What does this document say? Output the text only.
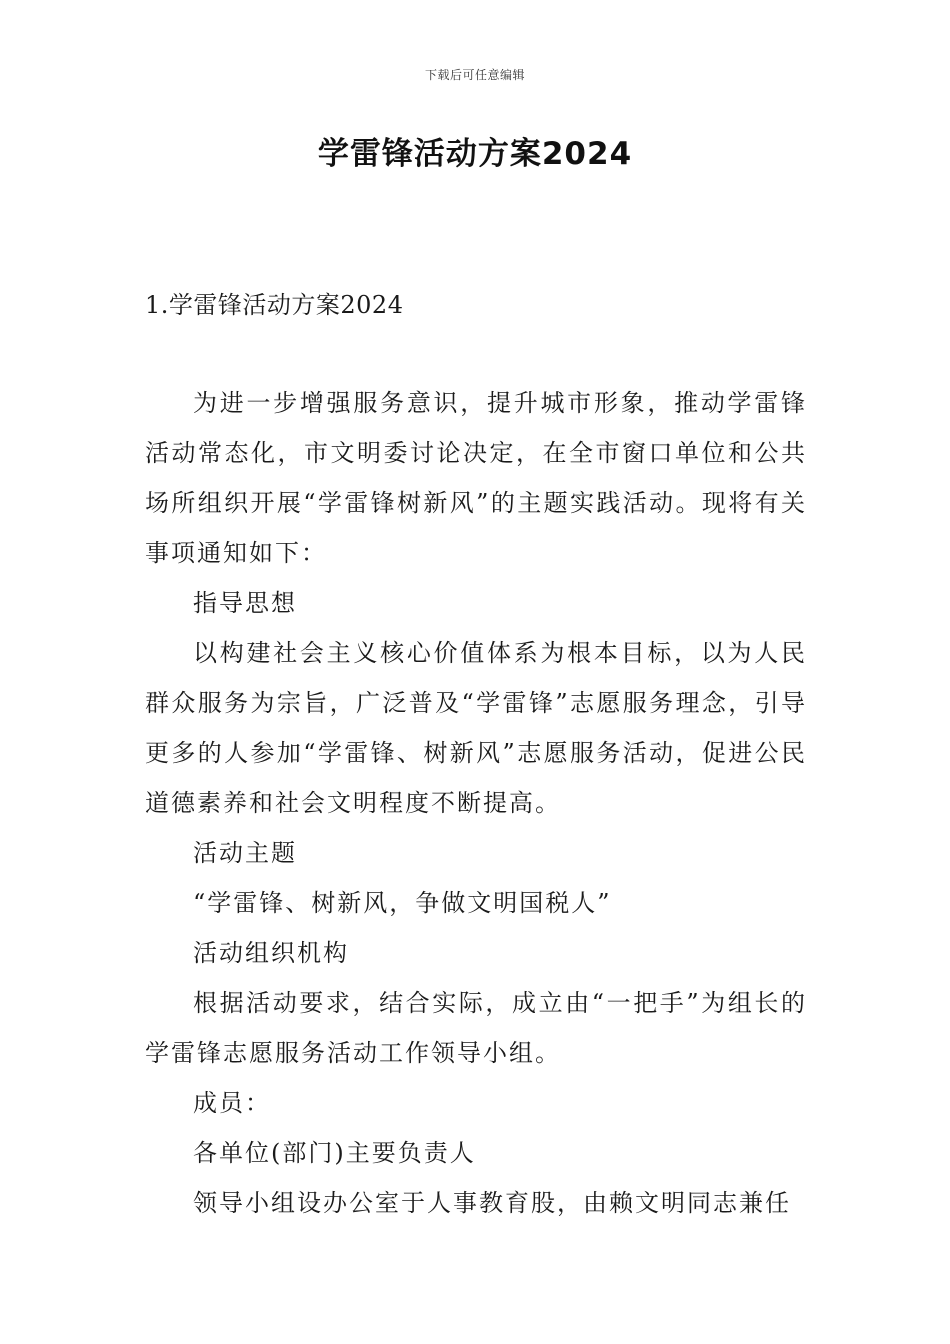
下载后可任意编辑
学雷锋活动方案2024

1.学雷锋活动方案2024

为进一步增强服务意识，提升城市形象，推动学雷锋活动常态化，市文明委讨论决定，在全市窗口单位和公共场所组织开展“学雷锋树新风”的主题实践活动。现将有关事项通知如下：

指导思想

以构建社会主义核心价值体系为根本目标，以为人民群众服务为宗旨，广泛普及“学雷锋”志愿服务理念，引导更多的人参加“学雷锋、树新风”志愿服务活动，促进公民道德素养和社会文明程度不断提高。

活动主题

“学雷锋、树新风，争做文明国税人”

活动组织机构

根据活动要求，结合实际，成立由“一把手”为组长的学雷锋志愿服务活动工作领导小组。

成员：

各单位(部门)主要负责人

领导小组设办公室于人事教育股，由赖文明同志兼任
